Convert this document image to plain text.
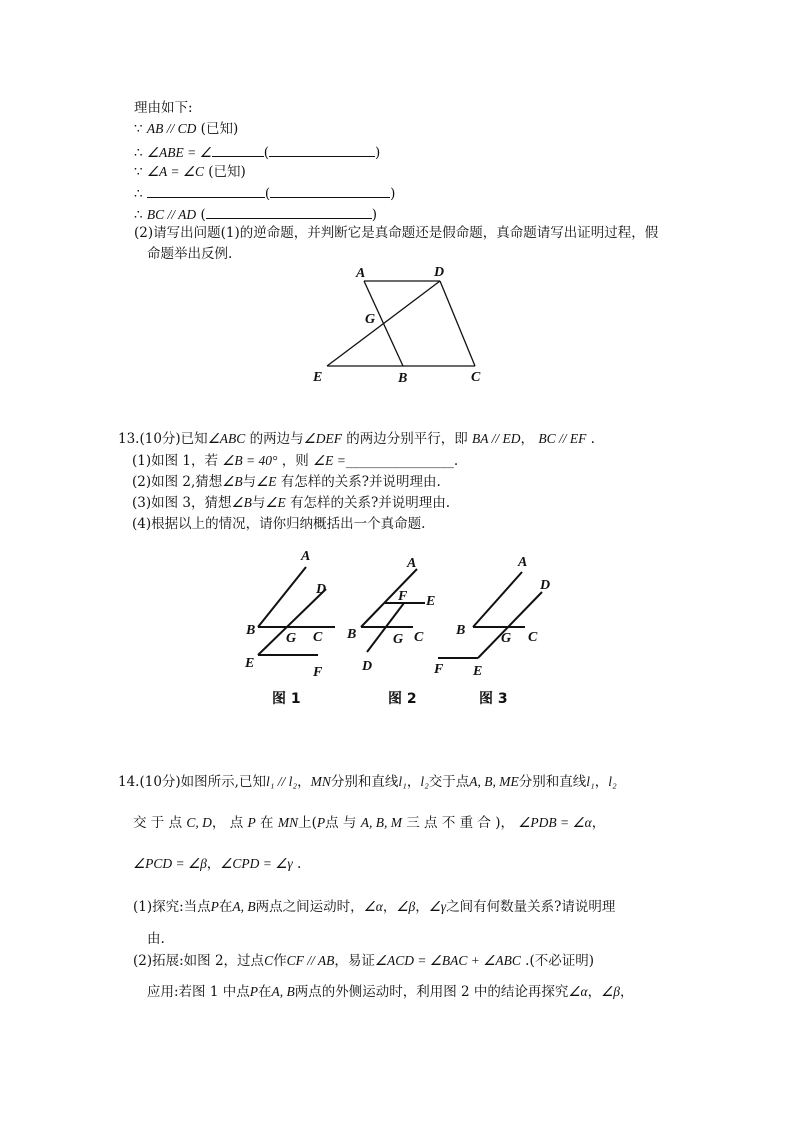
理由如下:
∵ AB // CD (已知)
∴ ∠ABE = ∠	(	)
∵ ∠A = ∠C (已知)
∴	(	)
∴ BC // AD (	)
(2)请写出问题(1)的逆命题，并判断它是真命题还是假命题，真命题请写出证明过程，假
命题举出反例.
A	D
G
E	B	C
13.(10分)已知∠ABC 的两边与∠DEF 的两边分别平行，即 BA // ED， BC // EF .
(1)如图 1，若 ∠B = 40° ，则 ∠E =________________.
(2)如图 2,猜想∠B与∠E 有怎样的关系?并说明理由.
(3)如图 3，猜想∠B与∠E 有怎样的关系?并说明理由.
(4)根据以上的情况，请你归纳概括出一个真命题.
A
D
B
G C
E
F
图 1
A
F E
B	G C
D
图 2
A
D
B
G C
F E
图 3
14.(10分)如图所示,已知l₁ // l₂，MN分别和直线l₁，l₂交于点A, B, ME分别和直线l₁，l₂
交 于 点 C, D， 点 P 在 MN上(P点 与 A, B, M 三 点 不 重 合 )， ∠PDB = ∠α，
∠PCD = ∠β，∠CPD = ∠γ .
(1)探究:当点P在A, B两点之间运动时，∠α，∠β，∠γ之间有何数量关系?请说明理
由.
(2)拓展:如图 2，过点C作CF // AB，易证∠ACD = ∠BAC + ∠ABC .(不必证明)
应用:若图 1 中点P在A, B两点的外侧运动时，利用图 2 中的结论再探究∠α，∠β，
